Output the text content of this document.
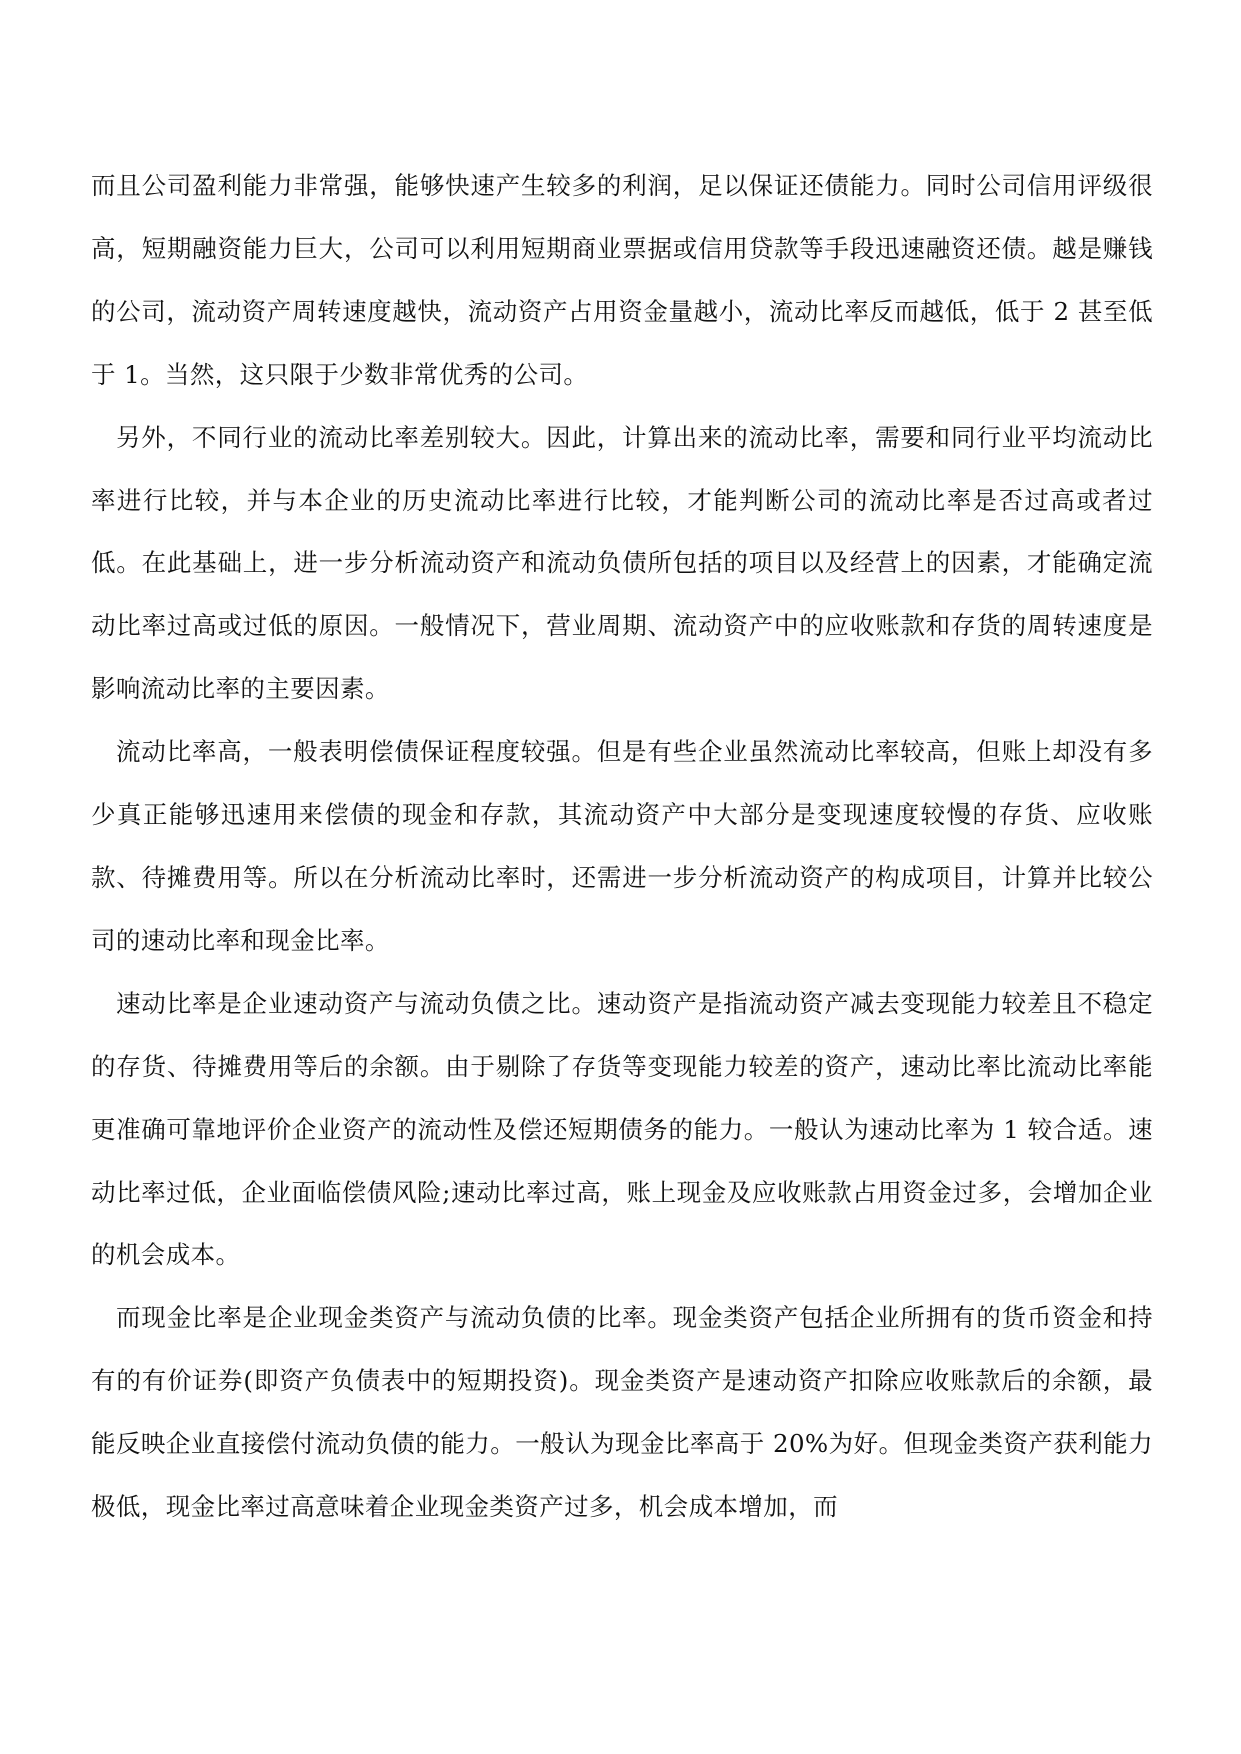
而且公司盈利能力非常强，能够快速产生较多的利润，足以保证还债能力。同时公司信用评级很高，短期融资能力巨大，公司可以利用短期商业票据或信用贷款等手段迅速融资还债。越是赚钱的公司，流动资产周转速度越快，流动资产占用资金量越小，流动比率反而越低，低于 2 甚至低于 1。当然，这只限于少数非常优秀的公司。

另外，不同行业的流动比率差别较大。因此，计算出来的流动比率，需要和同行业平均流动比率进行比较，并与本企业的历史流动比率进行比较，才能判断公司的流动比率是否过高或者过低。在此基础上，进一步分析流动资产和流动负债所包括的项目以及经营上的因素，才能确定流动比率过高或过低的原因。一般情况下，营业周期、流动资产中的应收账款和存货的周转速度是影响流动比率的主要因素。

流动比率高，一般表明偿债保证程度较强。但是有些企业虽然流动比率较高，但账上却没有多少真正能够迅速用来偿债的现金和存款，其流动资产中大部分是变现速度较慢的存货、应收账款、待摊费用等。所以在分析流动比率时，还需进一步分析流动资产的构成项目，计算并比较公司的速动比率和现金比率。

速动比率是企业速动资产与流动负债之比。速动资产是指流动资产减去变现能力较差且不稳定的存货、待摊费用等后的余额。由于剔除了存货等变现能力较差的资产，速动比率比流动比率能更准确可靠地评价企业资产的流动性及偿还短期债务的能力。一般认为速动比率为 1 较合适。速动比率过低，企业面临偿债风险;速动比率过高，账上现金及应收账款占用资金过多，会增加企业的机会成本。

而现金比率是企业现金类资产与流动负债的比率。现金类资产包括企业所拥有的货币资金和持有的有价证券(即资产负债表中的短期投资)。现金类资产是速动资产扣除应收账款后的余额，最能反映企业直接偿付流动负债的能力。一般认为现金比率高于 20%为好。但现金类资产获利能力极低，现金比率过高意味着企业现金类资产过多，机会成本增加，而
